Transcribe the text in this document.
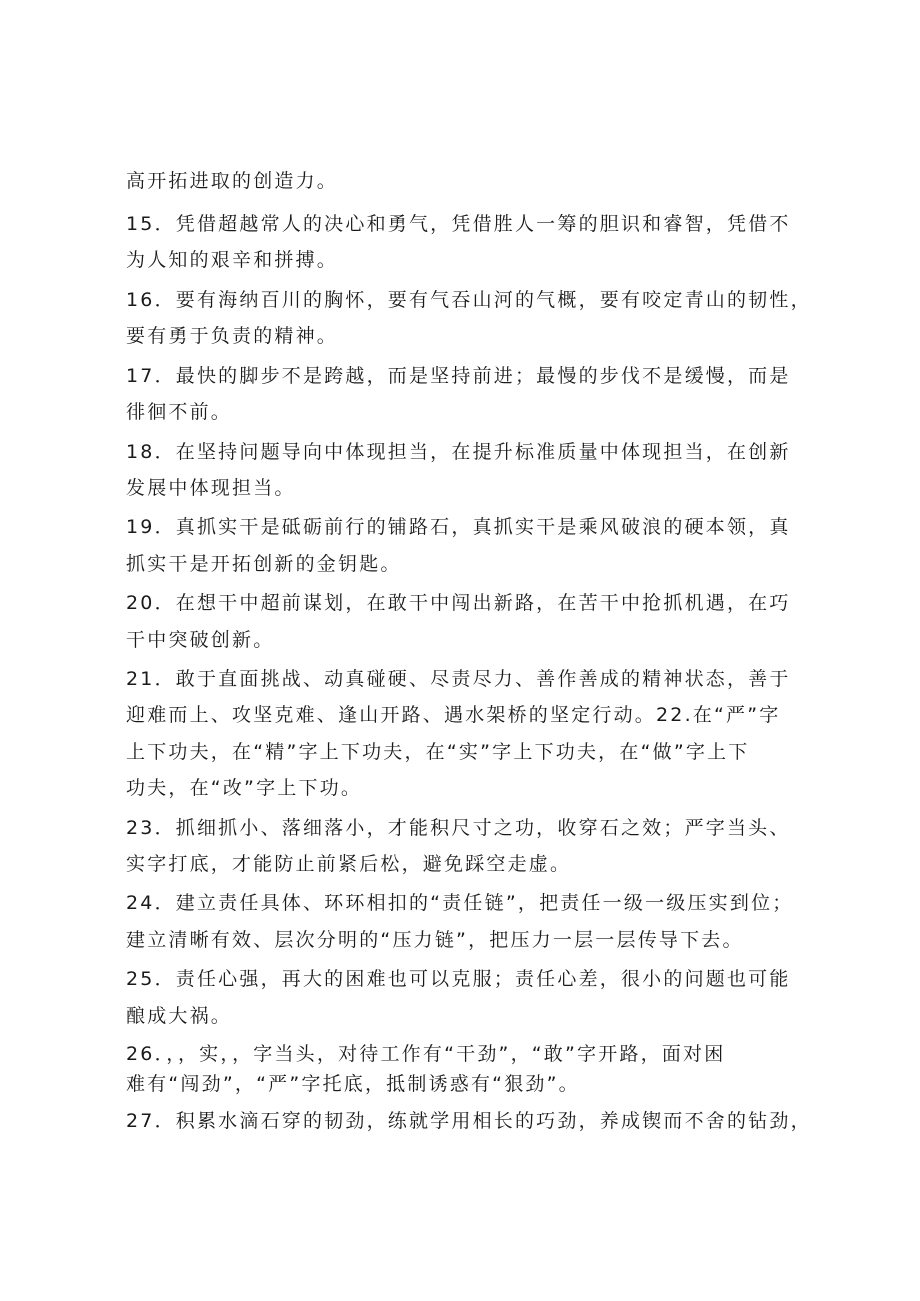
高开拓进取的创造力。
15．凭借超越常人的决心和勇气，凭借胜人一筹的胆识和睿智，凭借不
为人知的艰辛和拼搏。
16．要有海纳百川的胸怀，要有气吞山河的气概，要有咬定青山的韧性，
要有勇于负责的精神。
17．最快的脚步不是跨越，而是坚持前进；最慢的步伐不是缓慢，而是
徘徊不前。
18．在坚持问题导向中体现担当，在提升标准质量中体现担当，在创新
发展中体现担当。
19．真抓实干是砥砺前行的铺路石，真抓实干是乘风破浪的硬本领，真
抓实干是开拓创新的金钥匙。
20．在想干中超前谋划，在敢干中闯出新路，在苦干中抢抓机遇，在巧
干中突破创新。
21．敢于直面挑战、动真碰硬、尽责尽力、善作善成的精神状态，善于
迎难而上、攻坚克难、逢山开路、遇水架桥的坚定行动。22.在“严”字
上下功夫，在“精”字上下功夫，在“实”字上下功夫，在“做”字上下
功夫，在“改”字上下功。
23．抓细抓小、落细落小，才能积尺寸之功，收穿石之效；严字当头、
实字打底，才能防止前紧后松，避免踩空走虚。
24．建立责任具体、环环相扣的“责任链”，把责任一级一级压实到位；
建立清晰有效、层次分明的“压力链”，把压力一层一层传导下去。
25．责任心强，再大的困难也可以克服；责任心差，很小的问题也可能
酿成大祸。
26．，，实，，字当头，对待工作有“干劲”，“敢”字开路，面对困
难有“闯劲”，“严”字托底，抵制诱惑有“狠劲”。
27．积累水滴石穿的韧劲，练就学用相长的巧劲，养成锲而不舍的钻劲，
